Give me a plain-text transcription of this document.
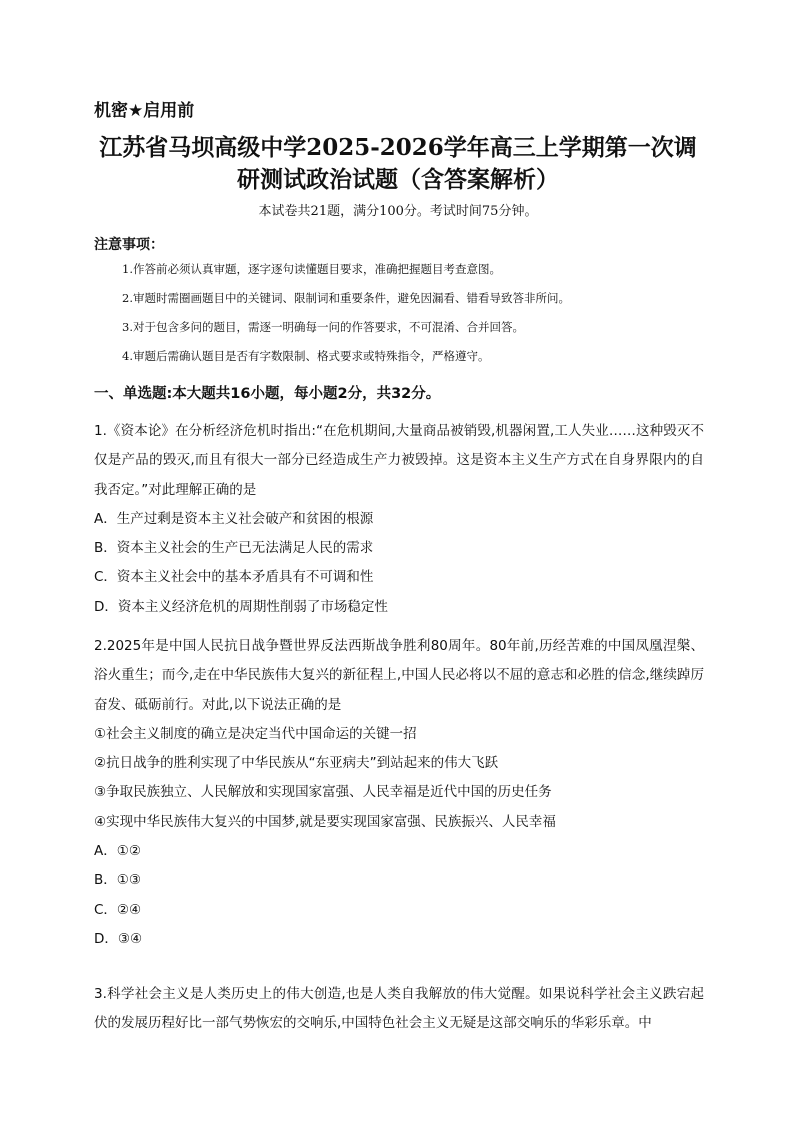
机密★启用前
江苏省马坝高级中学2025-2026学年高三上学期第一次调
研测试政治试题（含答案解析）
本试卷共21题，满分100分。考试时间75分钟。
注意事项：
1.作答前必须认真审题，逐字逐句读懂题目要求，准确把握题目考查意图。
2.审题时需圈画题目中的关键词、限制词和重要条件，避免因漏看、错看导致答非所问。
3.对于包含多问的题目，需逐一明确每一问的作答要求，不可混淆、合并回答。
4.审题后需确认题目是否有字数限制、格式要求或特殊指令，严格遵守。
一、单选题:本大题共16小题，每小题2分，共32分。

1.《资本论》在分析经济危机时指出:“在危机期间,大量商品被销毁,机器闲置,工人失业……这种毁灭不仅是产品的毁灭,而且有很大一部分已经造成生产力被毁掉。这是资本主义生产方式在自身界限内的自我否定。”对此理解正确的是

A．生产过剩是资本主义社会破产和贫困的根源
B．资本主义社会的生产已无法满足人民的需求
C．资本主义社会中的基本矛盾具有不可调和性
D．资本主义经济危机的周期性削弱了市场稳定性

2.2025年是中国人民抗日战争暨世界反法西斯战争胜利80周年。80年前,历经苦难的中国凤凰涅槃、浴火重生；而今,走在中华民族伟大复兴的新征程上,中国人民必将以不屈的意志和必胜的信念,继续踔厉奋发、砥砺前行。对此,以下说法正确的是

①社会主义制度的确立是决定当代中国命运的关键一招
②抗日战争的胜利实现了中华民族从“东亚病夫”到站起来的伟大飞跃
③争取民族独立、人民解放和实现国家富强、人民幸福是近代中国的历史任务
④实现中华民族伟大复兴的中国梦,就是要实现国家富强、民族振兴、人民幸福
A．①②
B．①③
C．②④
D．③④

3.科学社会主义是人类历史上的伟大创造,也是人类自我解放的伟大觉醒。如果说科学社会主义跌宕起伏的发展历程好比一部气势恢宏的交响乐,中国特色社会主义无疑是这部交响乐的华彩乐章。中
